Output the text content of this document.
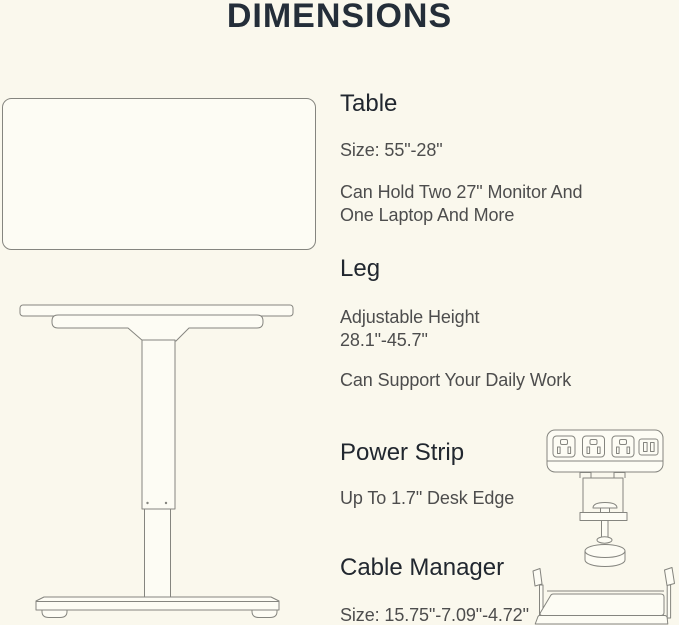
DIMENSIONS
Table

Size: 55"-28"

Can Hold Two 27" Monitor And
One Laptop And More

Leg

Adjustable Height
28.1"-45.7"

Can Support Your Daily Work

Power Strip

Up To 1.7" Desk Edge

Cable Manager

Size: 15.75"-7.09"-4.72"
